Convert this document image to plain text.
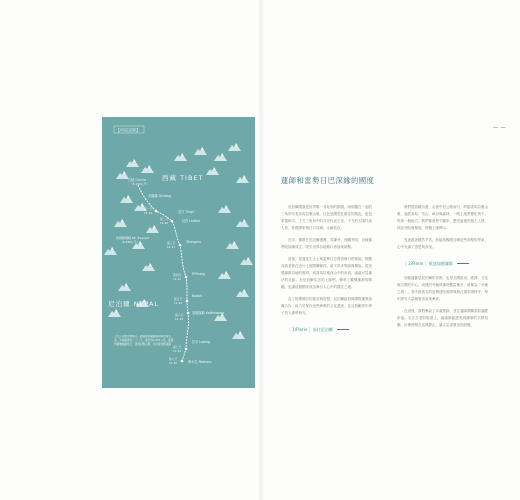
【中尼交界】
西藏 TIBET
尼泊爾 NEPAL
古絨 Gurula
（5,190公尺）
吉隆鎮 Gyirong
定日 Tingri
拉孜 Lhatse
Zhangmu
珠穆朗瑪峰 Mt. Everest
（8,848公尺）
P.Pinang
Kodari
加德滿都 Kathmandu
拉平 Laping
博卡拉 Pokhara
第一天
11.19
第二天
11.20
第三天
11.21
第四天
11.22
第五天
11.23
第六天
11.24
第七天
11.25
第八天
11.26
【註】若無外來標示，路線與西藏路線同時同樣長度，外來路線為二十二天，總計約1,005公里，經過西藏雅魯藏布江、喜馬拉雅山脈、尼泊爾加德滿都
— —
蓮師和雷勢日巴深緣的國度

尼泊爾國旗是世界唯一非矩形的國旗，兩個疊在一起的三角形代表喜馬拉雅山脈，紅色是國花杜鵑花的顏色，藍色象徵和平。上方三角形中的月亮代表王室，下方的太陽代表人民，象徵國家與日月同壽，永續長存。

近年，佛教在尼泊爾復興，雪謙寺、西藏寺院、各種佛學院陸續成立，吸引世界各地修行者前來朝聖。

這裡，是蓮花生大士與雷勢日巴尊者修行的聖地。無數成就者曾在這片土地閉關修持，留下許多聖跡與傳說。從加德滿都谷地的佛塔，到喜馬拉雅深山中的岩洞，處處可見佛法的足跡。在尼泊爾弘法的上師們，傳承了藏傳佛教的精髓，也讓這個國家成為修行人心中的嚮往之地。

為了推廣佛法的慈悲與智慧，尼泊爾政府與國際佛教組織合作，致力於保存這些珍貴的文化遺產，並且鼓勵青年學子投入佛學研究。

［ 1/Pinrin ］前往尼泊爾

我們從西藏出發，沿著中尼公路南行，跨越喜馬拉雅山脈，途經高原、雪山、峽谷與森林，一路上風景變化萬千。每到一個地方，我們都會停下腳步，感受當地的風土人情，拜訪寺院與聖地，聆聽上師開示。

長途跋涉雖然辛苦，但能夠親眼目睹這些神聖的景象，心中充滿了感恩與喜悅。

［ 2/Pinrin ］抵達加德滿都

加德滿都是尼泊爾的首都，也是全國政治、經濟、文化與宗教的中心。這裡的寺廟與佛塔數量眾多，被稱為「寺廟之城」。其中最著名的是博達哈佛塔與斯瓦揚布納特寺，每年吸引大量朝聖者前來參拜。

在這裡，我們參訪了多處聖跡，並在蓮師閉關洞前誦經祈福。走在古老的街道上，處處都能感受到濃厚的宗教氛圍，彷彿時間在這裡靜止，讓人忘卻塵世的紛擾。
